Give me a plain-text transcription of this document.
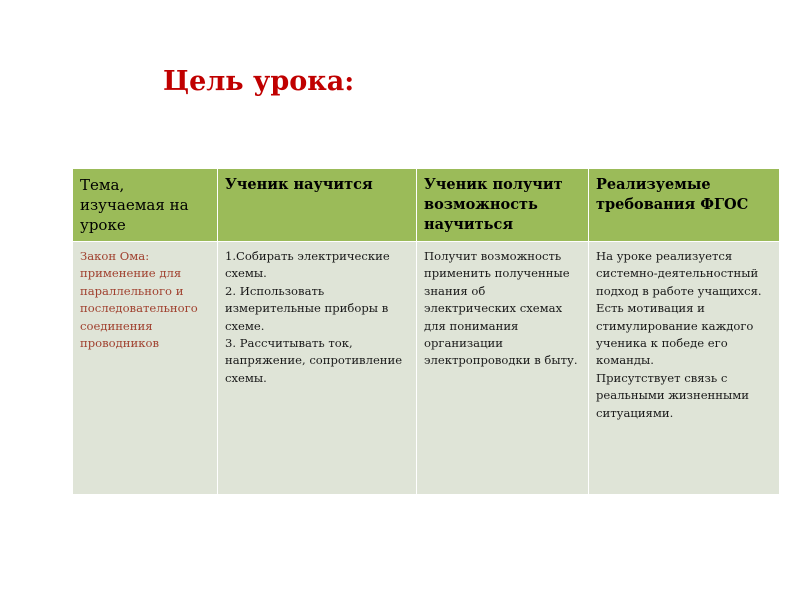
Цель урока:
Тема, изучаемая на уроке	Ученик научится	Ученик получит возможность научиться	Реализуемые требования ФГОС
Закон Ома: применение для параллельного и последовательного соединения проводников	1.Собирать электрические схемы.
2. Использовать измерительные приборы в схеме.
3. Рассчитывать ток, напряжение, сопротивление схемы.	Получит возможность применить полученные знания об электрических схемах для понимания организации электропроводки в быту.	На уроке реализуется системно-деятельностный подход в работе учащихся.
Есть мотивация и стимулирование каждого ученика к победе его команды.
Присутствует связь с реальными жизненными ситуациями.
